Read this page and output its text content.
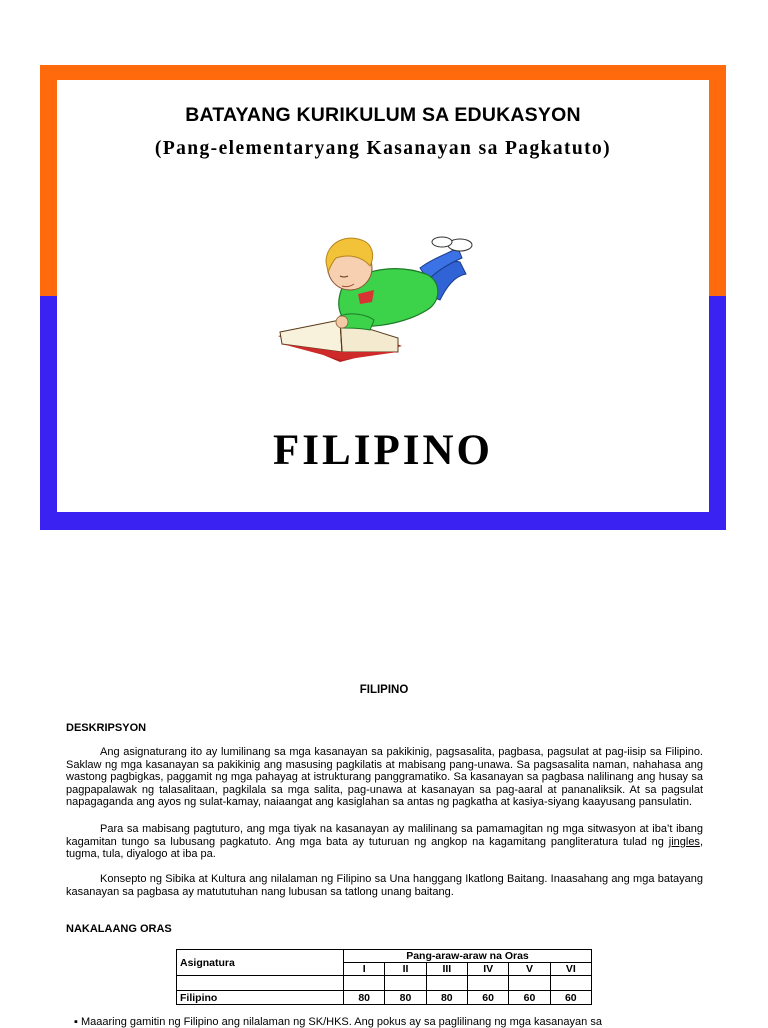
BATAYANG KURIKULUM SA EDUKASYON
(Pang-elementaryang Kasanayan sa Pagkatuto)
FILIPINO
FILIPINO
DESKRIPSYON
Ang asignaturang ito ay lumilinang sa mga kasanayan sa pakikinig, pagsasalita, pagbasa, pagsulat at pag-iisip sa Filipino. Saklaw ng mga kasanayan sa pakikinig ang masusing pagkilatis at mabisang pang-unawa. Sa pagsasalita naman, nahahasa ang wastong pagbigkas, paggamit ng mga pahayag at istrukturang panggramatiko. Sa kasanayan sa pagbasa nalilinang ang husay sa pagpapalawak ng talasalitaan, pagkilala sa mga salita, pag-unawa at kasanayan sa pag-aaral at pananaliksik. At sa pagsulat napagaganda ang ayos ng sulat-kamay, naiaangat ang kasiglahan sa antas ng pagkatha at kasiya-siyang kaayusang pansulatin.
Para sa mabisang pagtuturo, ang mga tiyak na kasanayan ay malilinang sa pamamagitan ng mga sitwasyon at iba’t ibang kagamitan tungo sa lubusang pagkatuto. Ang mga bata ay tuturuan ng angkop na kagamitang pangliteratura tulad ng jingles, tugma, tula, diyalogo at iba pa.
Konsepto ng Sibika at Kultura ang nilalaman ng Filipino sa Una hanggang Ikatlong Baitang. Inaasahang ang mga batayang kasanayan sa pagbasa ay matututuhan nang lubusan sa tatlong unang baitang.
NAKALAANG ORAS
Asignatura	Pang-araw-araw na Oras					
	I	II	III	IV	V	VI

Filipino	80	80	80	60	60	60
▪ Maaaring gamitin ng Filipino ang nilalaman ng SK/HKS. Ang pokus ay sa paglilinang ng mga kasanayan sa
